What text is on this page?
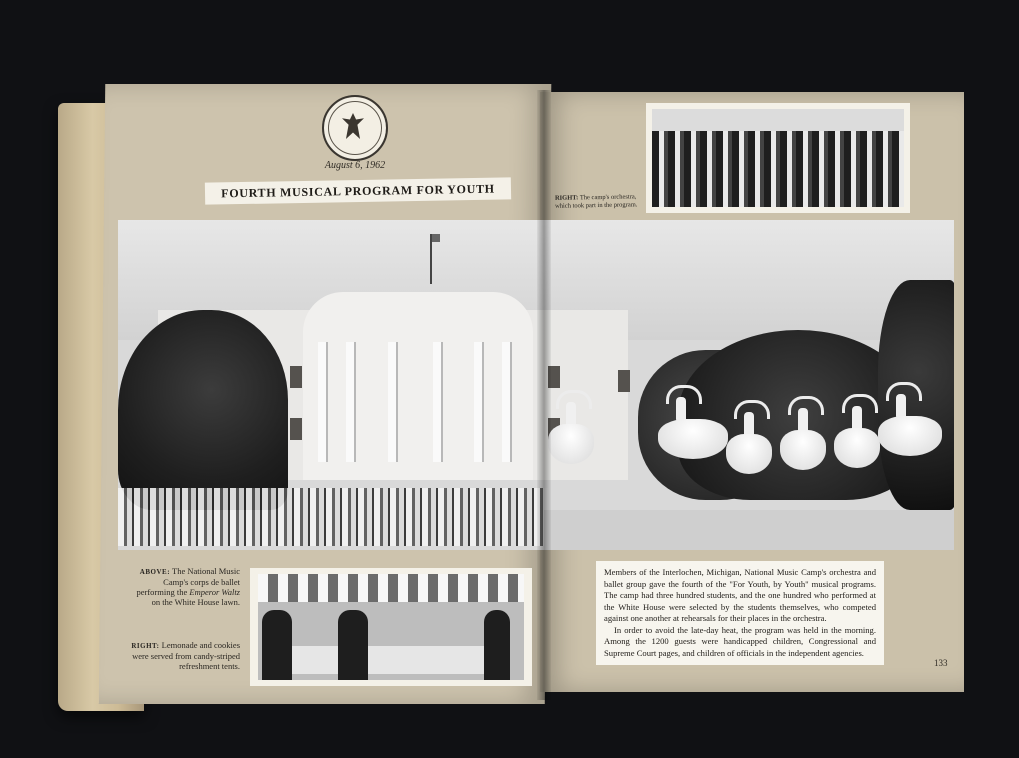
August 6, 1962
FOURTH MUSICAL PROGRAM FOR YOUTH	RIGHT: The camp's orchestra, which took part in the program.
ABOVE: The National Music Camp's corps de ballet performing the Emperor Waltz on the White House lawn.
RIGHT: Lemonade and cookies were served from candy-striped refreshment tents.

Members of the Interlochen, Michigan, National Music Camp's orchestra and ballet group gave the fourth of the "For Youth, by Youth" musical programs. The camp had three hundred students, and the one hundred who performed at the White House were selected by the students themselves, who competed against one another at rehearsals for their places in the orchestra.

In order to avoid the late-day heat, the program was held in the morning. Among the 1200 guests were handicapped children, Congressional and Supreme Court pages, and children of officials in the independent agencies.

133
